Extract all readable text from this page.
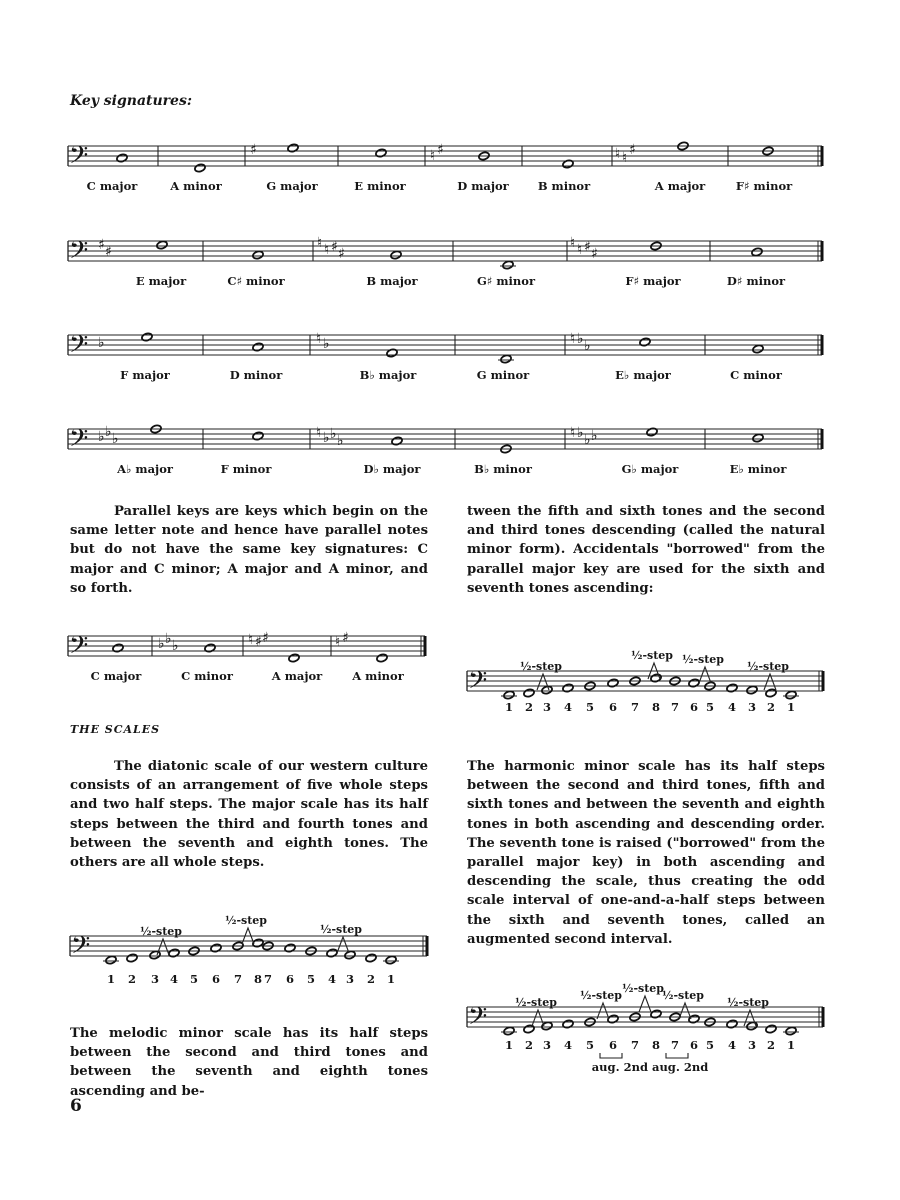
Key signatures:
𝄢	♯	♮ ♯	♮ ♮ ♯
C major	A minor	G major	E minor	D major	B minor	A major	F♯ minor
𝄢 ♯ ♯
♮ ♮ ♯ ♯
♮ ♮ ♯ ♯
E major	C♯ minor	B major	G♯ minor	F♯ major	D♯ minor
𝄢 ♭	♮ ♭	♮ ♭ ♭
F major	D minor	B♭ major	G minor	E♭ major	C minor
𝄢 ♭ ♭ ♭	♮ ♭ ♭ ♭	♮ ♭ ♭ ♭
A♭ major	F minor	D♭ major	B♭ minor	G♭ major	E♭ minor
𝄢	♭ ♭ ♭	♮ ♯ ♯	♮ ♯
C major	C minor	A major	A minor 𝄢	½-step
½-step ½-step
½-step
1 2 3 4 5 6 7 8 7 6 5 4 3 2 1
𝄢	½-step
½-step
½-step
1 2 3 4 5 6 7 8 7 6 5 4 3 2 1
𝄢	½-step
½-step
½-step
½-step
½-step
1 2 3 4 5 6 7 8 7 6 5 4 3 2 1
aug. 2nd aug. 2nd

Parallel keys are keys which begin on the same letter note and hence have parallel notes but do not have the same key signatures: C major and C minor; A major and A minor, and so forth.

tween the fifth and sixth tones and the second and third tones descending (called the natural minor form). Accidentals "borrowed" from the parallel major key are used for the sixth and seventh tones ascending:

THE SCALES

The diatonic scale of our western culture consists of an arrangement of five whole steps and two half steps. The major scale has its half steps between the third and fourth tones and between the seventh and eighth tones. The others are all whole steps.

The harmonic minor scale has its half steps between the second and third tones, fifth and sixth tones and between the seventh and eighth tones in both ascending and descending order. The seventh tone is raised ("borrowed" from the parallel major key) in both ascending and descending the scale, thus creating the odd scale interval of one-and-a-half steps between the sixth and seventh tones, called an augmented second interval.

The melodic minor scale has its half steps between the second and third tones and between the seventh and eighth tones ascending and be-

6
